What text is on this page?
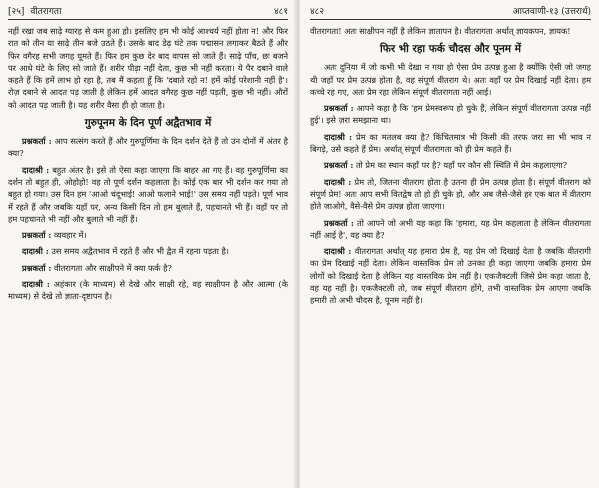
[२५] वीतरागता	४८१

नहीं रखा जब साढ़े ग्यारह से कम हुआ हो। इसलिए हम भी कोई आश्चर्य नहीं होता न! और फिर रात को तीन या साढ़े तीन बजे उठते हैं। उसके बाद डेढ़ घंटे तक पद्मासन लगाकर बैठते हैं और फिर वगैरह सभी जगह घूमते हैं। फिर हम कुछ देर बाद वापस सो जाते हैं। साढ़े पाँच, छः बजने पर आधे घंटे के लिए सो जाते हैं। शरीर पीड़ा नहीं देता, कुछ भी नहीं करता। ये पैर दबाने वाले कहते हैं कि हमें लाभ हो रहा है, तब मैं कहता हूँ कि 'दबाते रहो न! हमें कोई परेशानी नहीं है'। रोज़ दबाने से आदत पड़ जाती है लेकिन हमें आदत वगैरह कुछ नहीं पड़ती, कुछ भी नहीं। औरों को आदत पड़ जाती है। यह शरीर वैसा ही हो जाता है।

गुरुपूनम के दिन पूर्ण अद्वैतभाव में

प्रश्नकर्ता : आप सत्संग करते हैं और गुरुपूर्णिमा के दिन दर्शन देते हैं तो उन दोनों में अंतर है क्या?

दादाश्री : बहुत अंतर है। इसे तो ऐसा कहा जाएगा कि बाहर आ गए हैं। वह गुरुपूर्णिमा का दर्शन तो बहुत ही, ओहोहो! वह तो पूर्ण दर्शन कहलाता है। कोई एक बार भी दर्शन कर गया तो बहुत हो गया। उस दिन हम 'आओ चंदूभाई! आओ फलाने भाई!' उस समय नहीं पड़ते। पूर्ण भाव में रहते हैं और जबकि यहाँ पर, अन्य किसी दिन तो हम बुलाते हैं, पहचानते भी हैं। वहाँ पर तो हम पहचानते भी नहीं और बुलाते भी नहीं हैं।

प्रश्नकर्ता : व्यवहार में।

दादाश्री : उस समय अद्वैतभाव में रहते हैं और भी द्वैत में रहना पड़ता है।

प्रश्नकर्ता : वीतरागता और साक्षीपने में क्या फर्क है?

दादाश्री : अहंकार (के माध्यम) से देखे और साक्षी रहे, वह साक्षीपन है और आत्मा (के माध्यम) से देखे तो ज्ञाता-दृष्टापन है।

४८२	आप्तवाणी-१३ (उत्तरार्ध)

वीतरागता! अतः साक्षीपन नहीं है लेकिन ज्ञातापन है। वीतरागता अर्थात् ज्ञायकपन, ज्ञायक!

फिर भी रहा फर्क चौदस और पूनम में

अतः दुनिया में जो कभी भी देखा न गया हो ऐसा प्रेम उत्पन्न हुआ है क्योंकि ऐसी जो जगह थी जहाँ पर प्रेम उत्पन्न होता है, वह संपूर्ण वीतराग थे। अतः वहाँ पर प्रेम दिखाई नहीं देता। हम कच्चे रह गए, अतः प्रेम रहा लेकिन संपूर्ण वीतरागता नहीं आई।

प्रश्नकर्ता : आपने कहा है कि 'हम प्रेमस्वरूप हो चुके हैं, लेकिन संपूर्ण वीतरागता उत्पन्न नहीं हुई'। इसे ज़रा समझाना था।

दादाश्री : प्रेम का मतलब क्या है? किंचितमात्र भी किसी की तरफ जरा सा भी भाव न बिगड़े, उसे कहते हैं प्रेम। अर्थात् संपूर्ण वीतरागता को ही प्रेम कहते हैं।

प्रश्नकर्ता : तो प्रेम का स्थान कहाँ पर है? यहाँ पर कौन सी स्थिति में प्रेम कहलाएगा?

दादाश्री : प्रेम तो, जितना वीतराग होता है उतना ही प्रेम उत्पन्न होता है। संपूर्ण वीतराग को संपूर्ण प्रेम! अतः आप सभी वितद्वेष तो हो ही चुके हो, और अब जैसे-जैसे हर एक बात में वीतराग होते जाओगे, वैसे-वैसे प्रेम उत्पन्न होता जाएगा।

प्रश्नकर्ता : तो आपने जो अभी यह कहा कि 'हमारा, यह प्रेम कहलाता है लेकिन वीतरागता नहीं आई है', वह क्या है?

दादाश्री : वीतरागता अर्थात् यह हमारा प्रेम है, यह प्रेम जो दिखाई देता है जबकि वीतरागी का प्रेम दिखाई नहीं देता। लेकिन वास्तविक प्रेम तो उनका ही कहा जाएगा जबकि हमारा प्रेम लोगों को दिखाई देता है लेकिन यह वास्तविक प्रेम नहीं है। एकजैक्टली जिसे प्रेम कहा जाता है, वह यह नहीं है। एकजैक्टली तो, जब संपूर्ण वीतराग होंगे, तभी वास्तविक प्रेम आएगा जबकि हमारी तो अभी चौदस है, पूनम नहीं है।
